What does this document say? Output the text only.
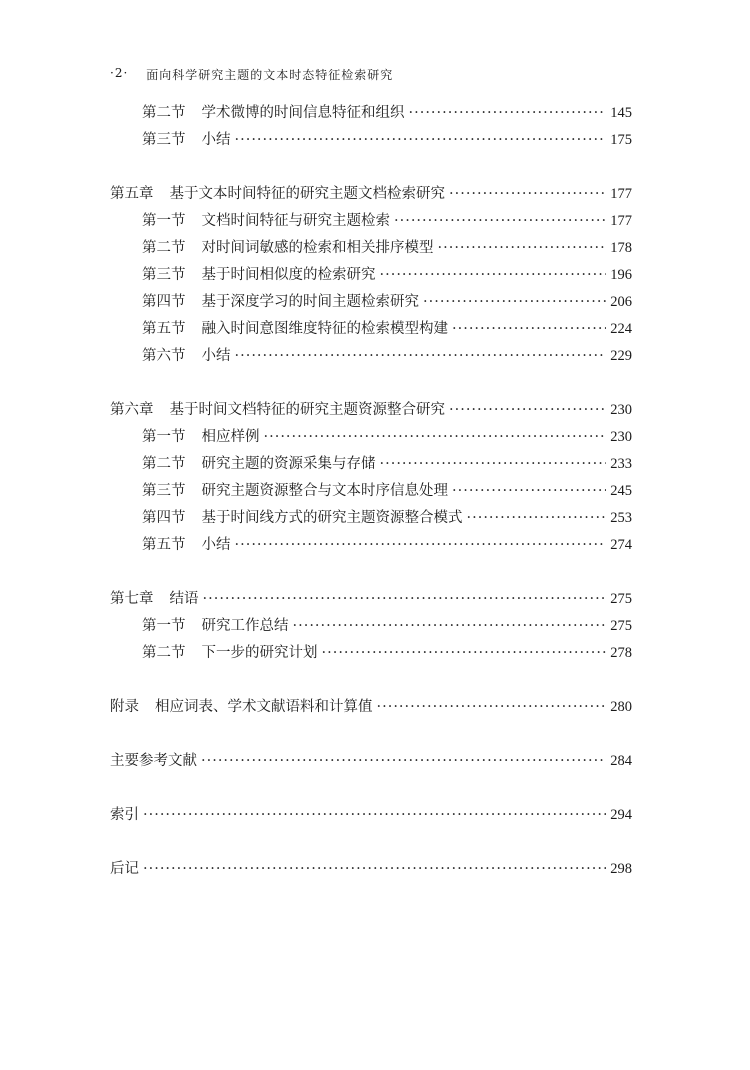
·2· 面向科学研究主题的文本时态特征检索研究
第二节 学术微博的时间信息特征和组织 ·····	145
第三节 小结 ·····	175
第五章 基于文本时间特征的研究主题文档检索研究 ·····	177
第一节 文档时间特征与研究主题检索 ·····	177
第二节 对时间词敏感的检索和相关排序模型 ·····	178
第三节 基于时间相似度的检索研究 ·····	196
第四节 基于深度学习的时间主题检索研究 ·····	206
第五节 融入时间意图维度特征的检索模型构建 ·····	224
第六节 小结 ·····	229
第六章 基于时间文档特征的研究主题资源整合研究 ·····	230
第一节 相应样例 ·····	230
第二节 研究主题的资源采集与存储 ·····	233
第三节 研究主题资源整合与文本时序信息处理 ·····	245
第四节 基于时间线方式的研究主题资源整合模式 ·····	253
第五节 小结 ·····	274
第七章 结语 ·····	275
第一节 研究工作总结 ·····	275
第二节 下一步的研究计划 ·····	278
附录 相应词表、学术文献语料和计算值 ·····	280
主要参考文献 ·····	284
索引 ·····	294
后记 ·····	298
